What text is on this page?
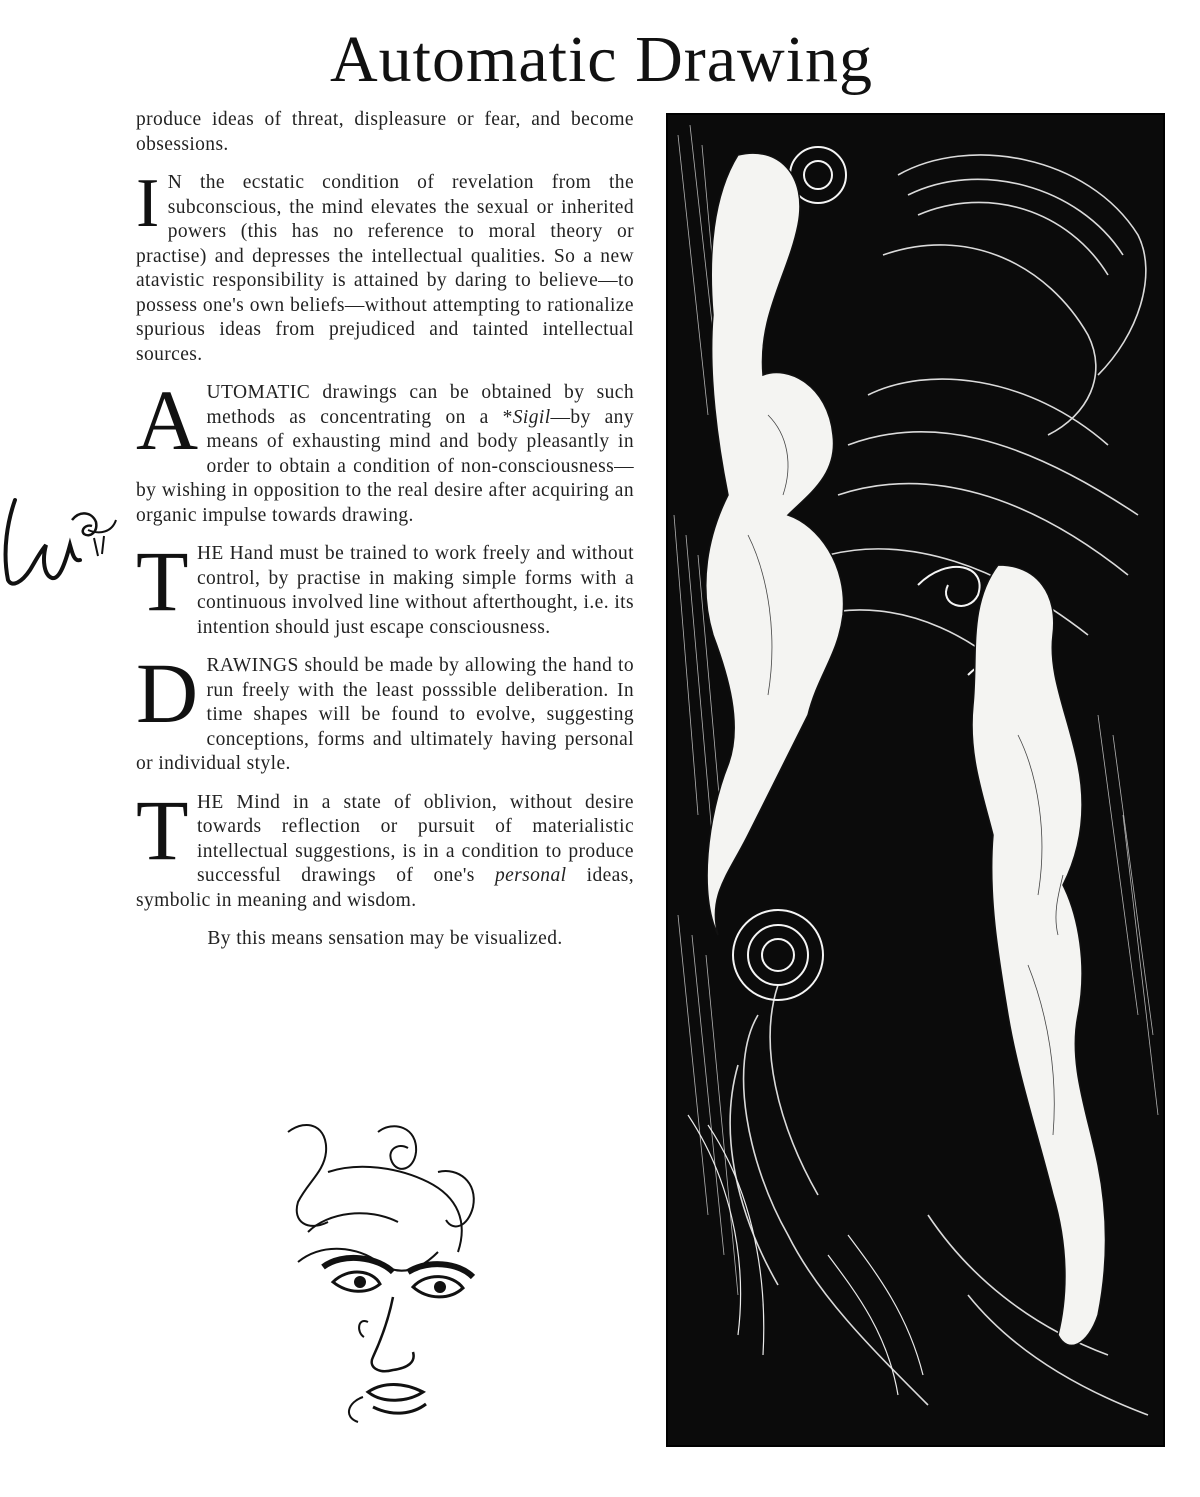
Automatic Drawing

produce ideas of threat, displeasure or fear, and become obsessions.

I N the ecstatic condition of revelation from the subconscious, the mind elevates the sexual or inherited powers (this has no reference to moral theory or practise) and depresses the intellectual qualities. So a new atavistic responsibility is attained by daring to believe—to possess one's own beliefs—without attempting to rationalize spurious ideas from prejudiced and tainted intellectual sources.

AUTOMATIC drawings can be obtained by such methods as concentrating on a *Sigil—by any means of exhausting mind and body pleasantly in order to obtain a condition of non-consciousness—by wishing in opposition to the real desire after acquiring an organic impulse towards drawing.

THE Hand must be trained to work freely and without control, by practise in making simple forms with a continuous involved line without afterthought, i.e. its intention should just escape consciousness.

DRAWINGS should be made by allowing the hand to run freely with the least posssible deliberation. In time shapes will be found to evolve, suggesting conceptions, forms and ultimately having personal or individual style.

THE Mind in a state of oblivion, without desire towards reflection or pursuit of materialistic intellectual suggestions, is in a condition to produce successful drawings of one's personal ideas, symbolic in meaning and wisdom.

By this means sensation may be visualized.
